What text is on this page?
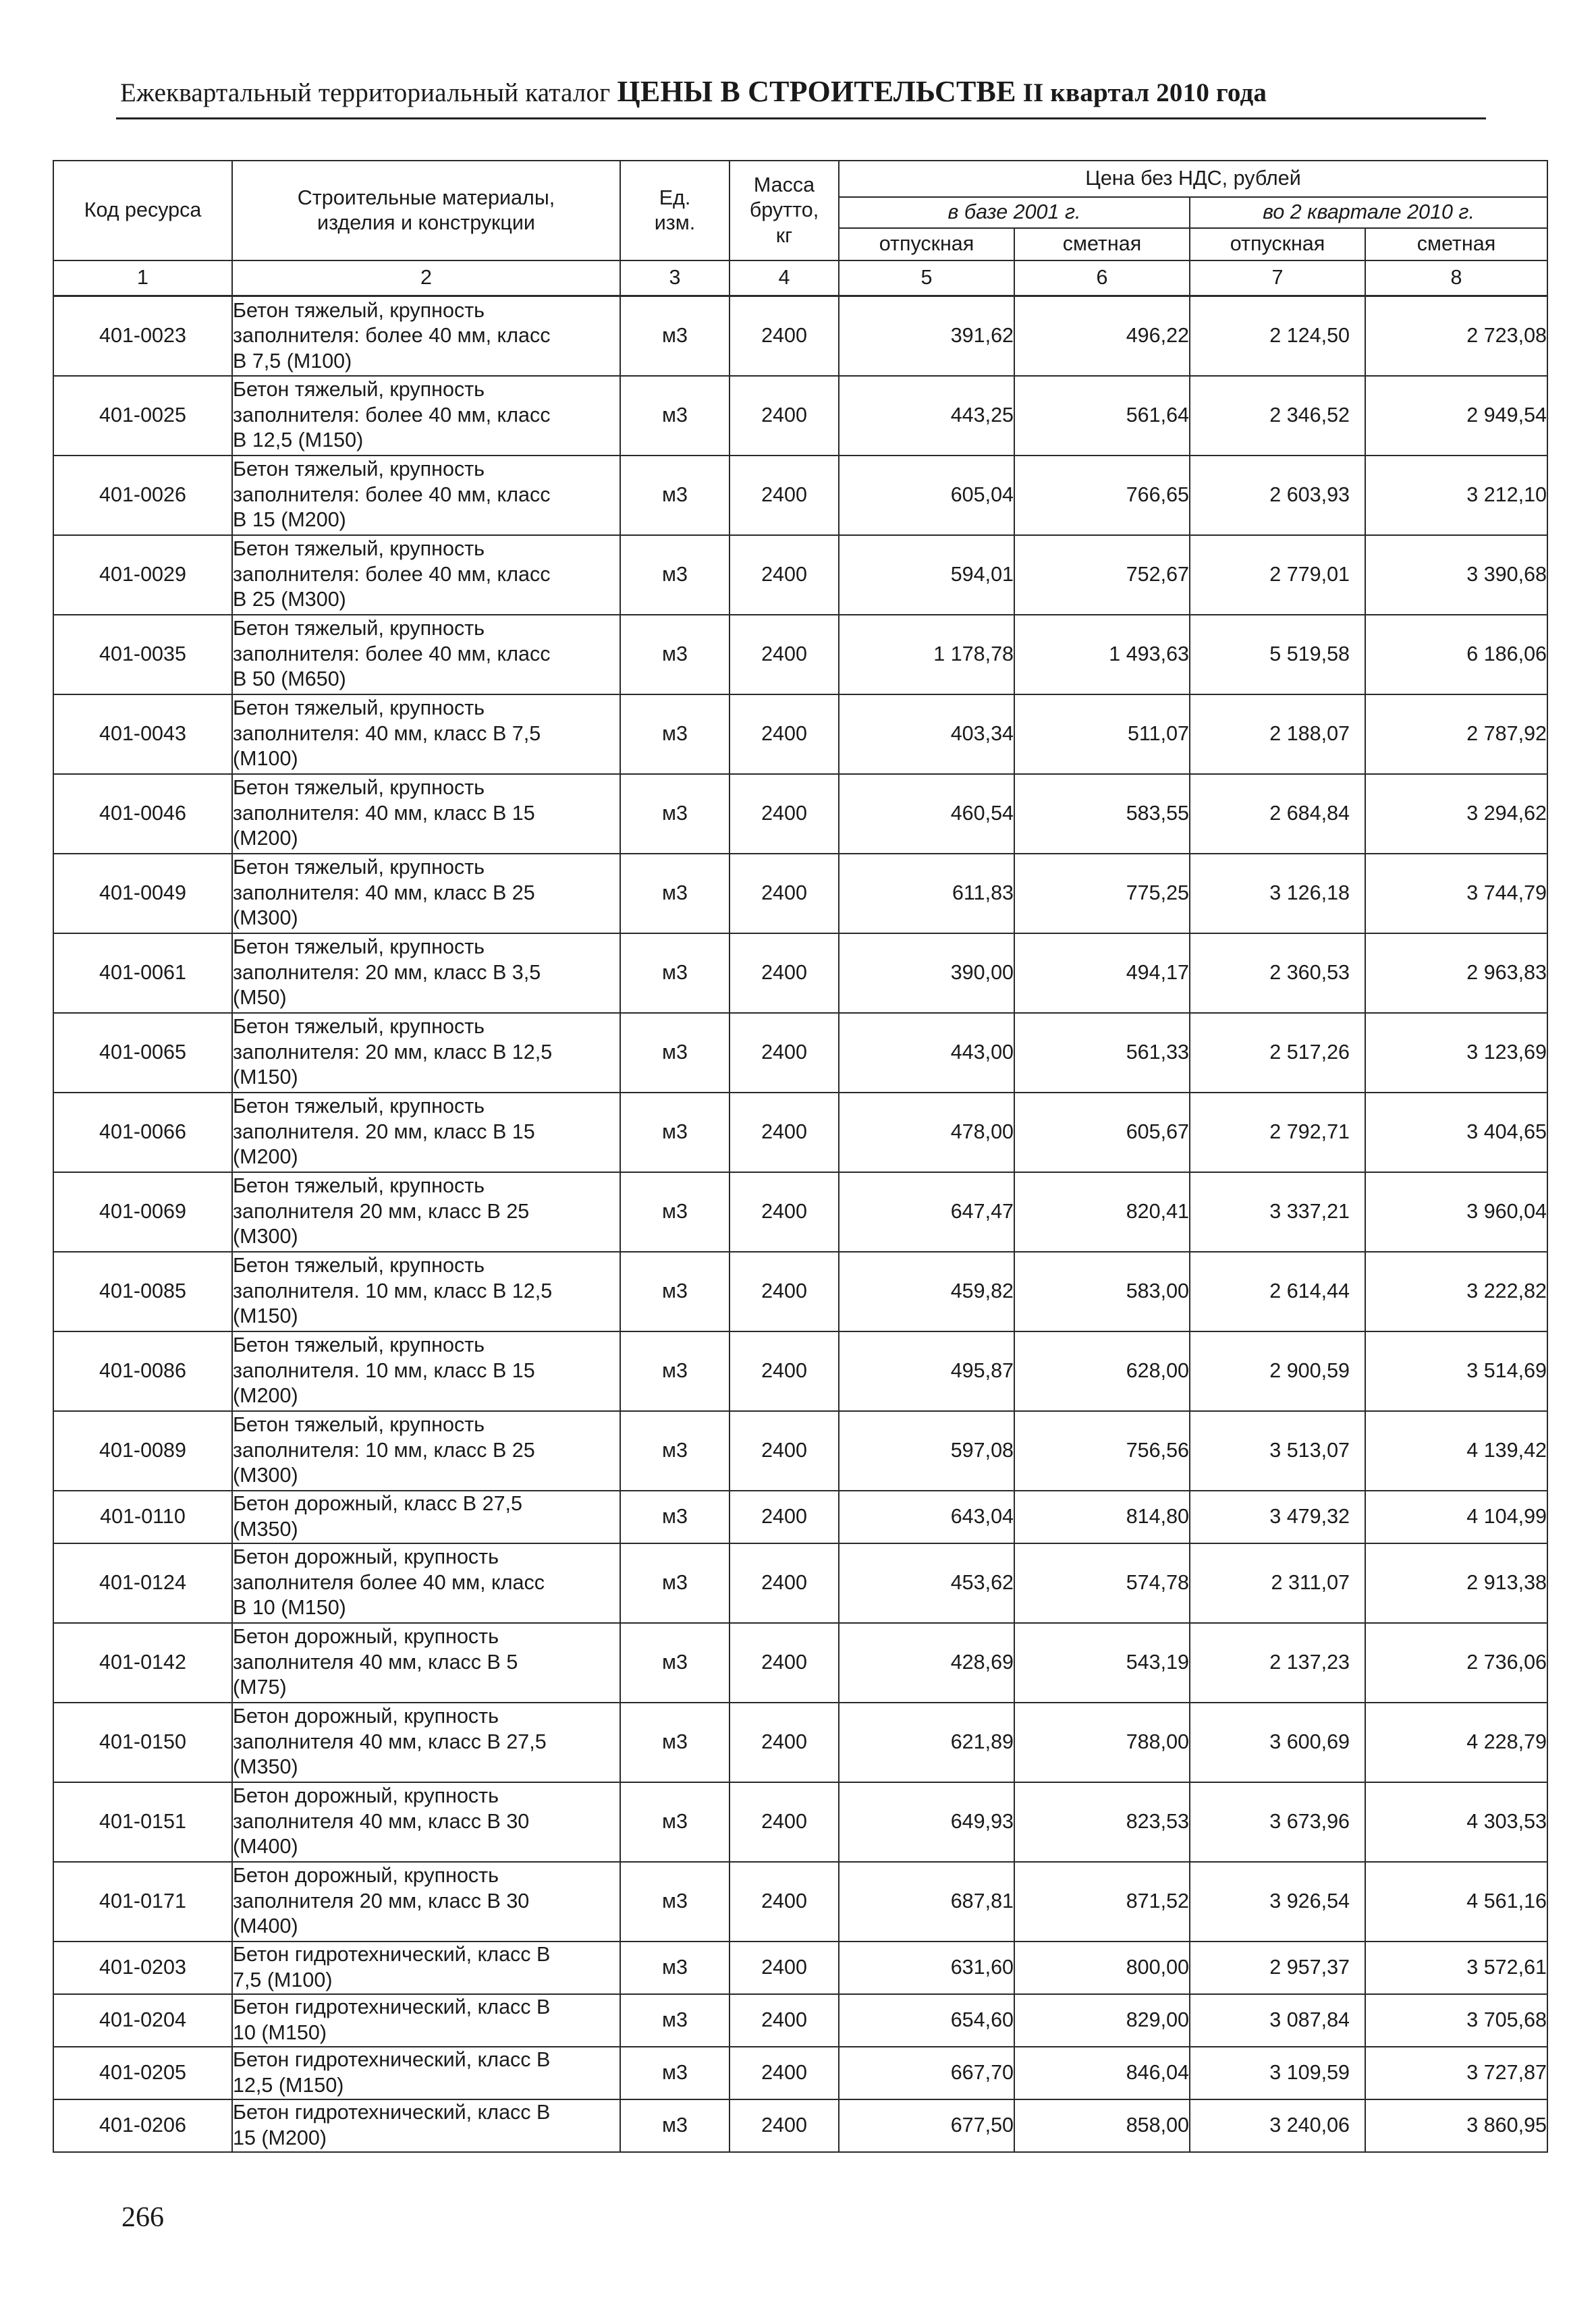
Ежеквартальный территориальный каталог ЦЕНЫ В СТРОИТЕЛЬСТВЕ II квартал 2010 года
Код ресурса	Строительные материалы, изделия и конструкции	Ед. изм.	Масса брутто, кг	Цена без НДС, рублей			
				в базе 2001 г.		во 2 квартале 2010 г.	
				отпускная	сметная	отпускная	сметная
1	2	3	4	5	6	7	8
401-0023	Бетон тяжелый, крупность
заполнителя: более 40 мм, класс
В 7,5 (М100)	м3	2400	391,62	496,22	2 124,50	2 723,08
401-0025	Бетон тяжелый, крупность
заполнителя: более 40 мм, класс
В 12,5 (М150)	м3	2400	443,25	561,64	2 346,52	2 949,54
401-0026	Бетон тяжелый, крупность
заполнителя: более 40 мм, класс
В 15 (М200)	м3	2400	605,04	766,65	2 603,93	3 212,10
401-0029	Бетон тяжелый, крупность
заполнителя: более 40 мм, класс
В 25 (М300)	м3	2400	594,01	752,67	2 779,01	3 390,68
401-0035	Бетон тяжелый, крупность
заполнителя: более 40 мм, класс
В 50 (М650)	м3	2400	1 178,78	1 493,63	5 519,58	6 186,06
401-0043	Бетон тяжелый, крупность
заполнителя: 40 мм, класс В 7,5
(М100)	м3	2400	403,34	511,07	2 188,07	2 787,92
401-0046	Бетон тяжелый, крупность
заполнителя: 40 мм, класс В 15
(М200)	м3	2400	460,54	583,55	2 684,84	3 294,62
401-0049	Бетон тяжелый, крупность
заполнителя: 40 мм, класс В 25
(М300)	м3	2400	611,83	775,25	3 126,18	3 744,79
401-0061	Бетон тяжелый, крупность
заполнителя: 20 мм, класс В 3,5
(М50)	м3	2400	390,00	494,17	2 360,53	2 963,83
401-0065	Бетон тяжелый, крупность
заполнителя: 20 мм, класс В 12,5
(М150)	м3	2400	443,00	561,33	2 517,26	3 123,69
401-0066	Бетон тяжелый, крупность
заполнителя. 20 мм, класс В 15
(М200)	м3	2400	478,00	605,67	2 792,71	3 404,65
401-0069	Бетон тяжелый, крупность
заполнителя 20 мм, класс В 25
(М300)	м3	2400	647,47	820,41	3 337,21	3 960,04
401-0085	Бетон тяжелый, крупность
заполнителя. 10 мм, класс В 12,5
(М150)	м3	2400	459,82	583,00	2 614,44	3 222,82
401-0086	Бетон тяжелый, крупность
заполнителя. 10 мм, класс В 15
(М200)	м3	2400	495,87	628,00	2 900,59	3 514,69
401-0089	Бетон тяжелый, крупность
заполнителя: 10 мм, класс В 25
(М300)	м3	2400	597,08	756,56	3 513,07	4 139,42
401-0110	Бетон дорожный, класс В 27,5
(М350)	м3	2400	643,04	814,80	3 479,32	4 104,99
401-0124	Бетон дорожный, крупность
заполнителя более 40 мм, класс
В 10 (М150)	м3	2400	453,62	574,78	2 311,07	2 913,38
401-0142	Бетон дорожный, крупность
заполнителя 40 мм, класс В 5
(М75)	м3	2400	428,69	543,19	2 137,23	2 736,06
401-0150	Бетон дорожный, крупность
заполнителя 40 мм, класс В 27,5
(М350)	м3	2400	621,89	788,00	3 600,69	4 228,79
401-0151	Бетон дорожный, крупность
заполнителя 40 мм, класс В 30
(М400)	м3	2400	649,93	823,53	3 673,96	4 303,53
401-0171	Бетон дорожный, крупность
заполнителя 20 мм, класс В 30
(М400)	м3	2400	687,81	871,52	3 926,54	4 561,16
401-0203	Бетон гидротехнический, класс В
7,5 (М100)	м3	2400	631,60	800,00	2 957,37	3 572,61
401-0204	Бетон гидротехнический, класс В
10 (М150)	м3	2400	654,60	829,00	3 087,84	3 705,68
401-0205	Бетон гидротехнический, класс В
12,5 (М150)	м3	2400	667,70	846,04	3 109,59	3 727,87
401-0206	Бетон гидротехнический, класс В
15 (М200)	м3	2400	677,50	858,00	3 240,06	3 860,95
266
